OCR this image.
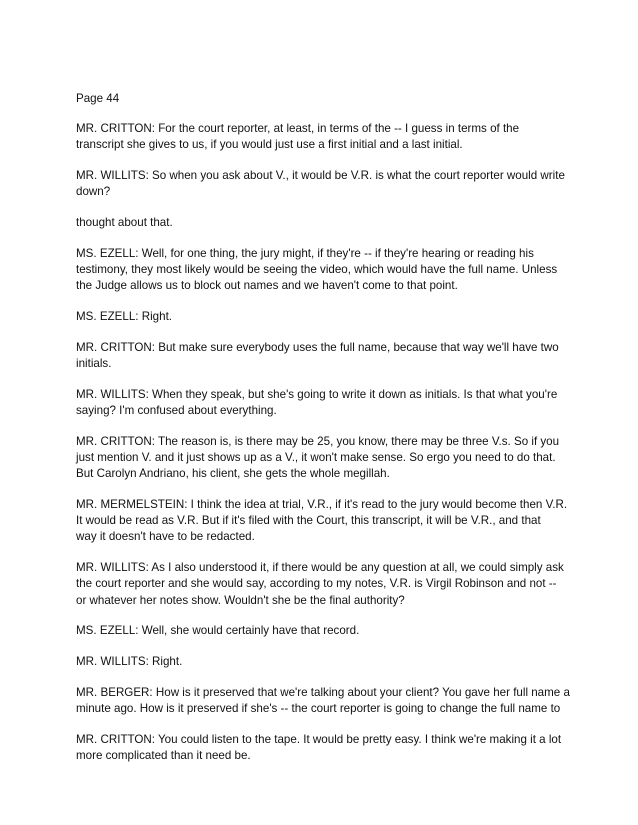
Page 44
MR. CRITTON: For the court reporter, at least, in terms of the -- I guess in terms of the
transcript she gives to us, if you would just use a first initial and a last initial.
MR. WILLITS: So when you ask about V., it would be V.R. is what the court reporter would write
down?
thought about that.
MS. EZELL: Well, for one thing, the jury might, if they're -- if they're hearing or reading his
testimony, they most likely would be seeing the video, which would have the full name. Unless
the Judge allows us to block out names and we haven't come to that point.
MS. EZELL: Right.
MR. CRITTON: But make sure everybody uses the full name, because that way we'll have two
initials.
MR. WILLITS: When they speak, but she's going to write it down as initials. Is that what you're
saying? I'm confused about everything.
MR. CRITTON: The reason is, is there may be 25, you know, there may be three V.s. So if you
just mention V. and it just shows up as a V., it won't make sense. So ergo you need to do that.
But Carolyn Andriano, his client, she gets the whole megillah.
MR. MERMELSTEIN: I think the idea at trial, V.R., if it's read to the jury would become then V.R.
It would be read as V.R. But if it's filed with the Court, this transcript, it will be V.R., and that
way it doesn't have to be redacted.
MR. WILLITS: As I also understood it, if there would be any question at all, we could simply ask
the court reporter and she would say, according to my notes, V.R. is Virgil Robinson and not --
or whatever her notes show. Wouldn't she be the final authority?
MS. EZELL: Well, she would certainly have that record.
MR. WILLITS: Right.
MR. BERGER: How is it preserved that we're talking about your client? You gave her full name a
minute ago. How is it preserved if she's -- the court reporter is going to change the full name to
MR. CRITTON: You could listen to the tape. It would be pretty easy. I think we're making it a lot
more complicated than it need be.
